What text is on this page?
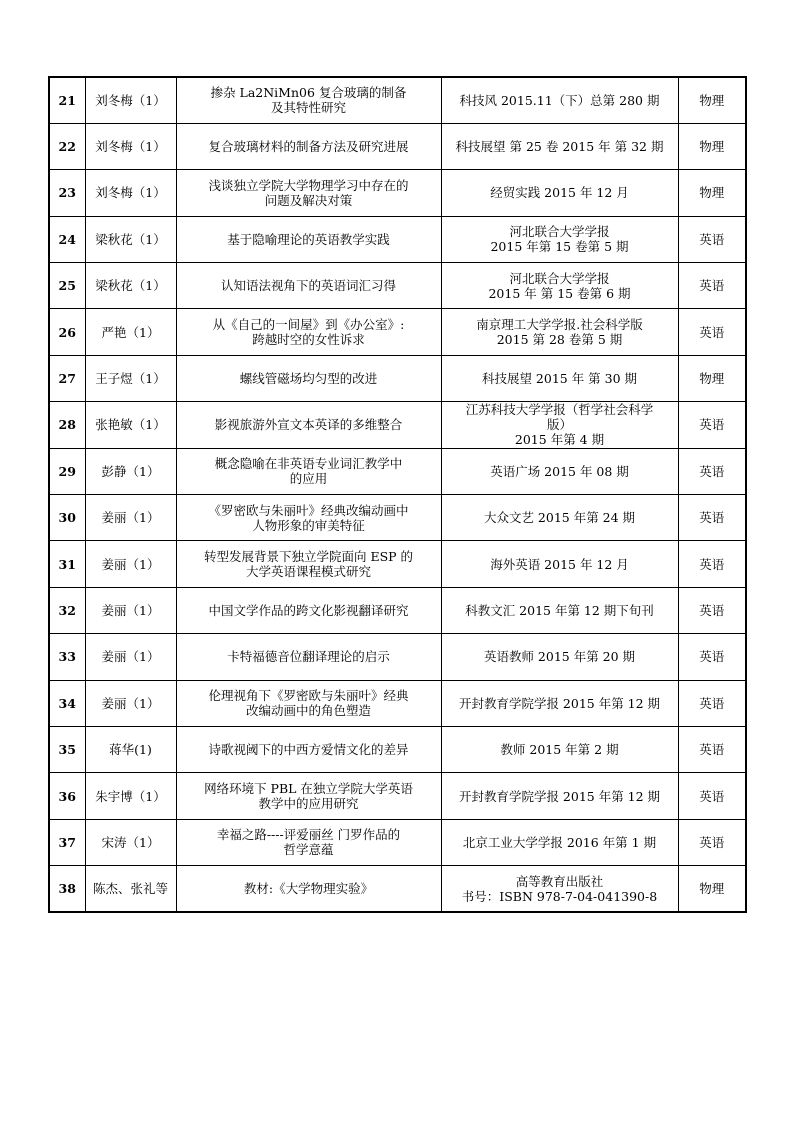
21	刘冬梅（1）	掺杂 La2NiMn06 复合玻璃的制备
及其特性研究	科技风 2015.11（下）总第 280 期	物理
22	刘冬梅（1）	复合玻璃材料的制备方法及研究进展	科技展望 第 25 卷 2015 年 第 32 期	物理
23	刘冬梅（1）	浅谈独立学院大学物理学习中存在的
问题及解决对策	经贸实践 2015 年 12 月	物理
24	梁秋花（1）	基于隐喻理论的英语教学实践	河北联合大学学报
2015 年第 15 卷第 5 期	英语
25	梁秋花（1）	认知语法视角下的英语词汇习得	河北联合大学学报
2015 年 第 15 卷第 6 期	英语
26	严艳（1）	从《自己的一间屋》到《办公室》:
跨越时空的女性诉求	南京理工大学学报.社会科学版
2015 第 28 卷第 5 期	英语
27	王子煜（1）	螺线管磁场均匀型的改进	科技展望 2015 年 第 30 期	物理
28	张艳敏（1）	影视旅游外宣文本英译的多维整合	江苏科技大学学报（哲学社会科学
版）
2015 年第 4 期	英语
29	彭静（1）	概念隐喻在非英语专业词汇教学中
的应用	英语广场 2015 年 08 期	英语
30	姜丽（1）	《罗密欧与朱丽叶》经典改编动画中
人物形象的审美特征	大众文艺 2015 年第 24 期	英语
31	姜丽（1）	转型发展背景下独立学院面向 ESP 的
大学英语课程模式研究	海外英语 2015 年 12 月	英语
32	姜丽（1）	中国文学作品的跨文化影视翻译研究	科教文汇 2015 年第 12 期下旬刊	英语
33	姜丽（1）	卡特福德音位翻译理论的启示	英语教师 2015 年第 20 期	英语
34	姜丽（1）	伦理视角下《罗密欧与朱丽叶》经典
改编动画中的角色塑造	开封教育学院学报 2015 年第 12 期	英语
35	蒋华(1)	诗歌视阈下的中西方爱情文化的差异	教师 2015 年第 2 期	英语
36	朱宇博（1）	网络环境下 PBL 在独立学院大学英语
教学中的应用研究	开封教育学院学报 2015 年第 12 期	英语
37	宋涛（1）	幸福之路----评爱丽丝 门罗作品的
哲学意蕴	北京工业大学学报 2016 年第 1 期	英语
38	陈杰、张礼等	教材:《大学物理实验》	高等教育出版社
书号：ISBN 978-7-04-041390-8	物理
